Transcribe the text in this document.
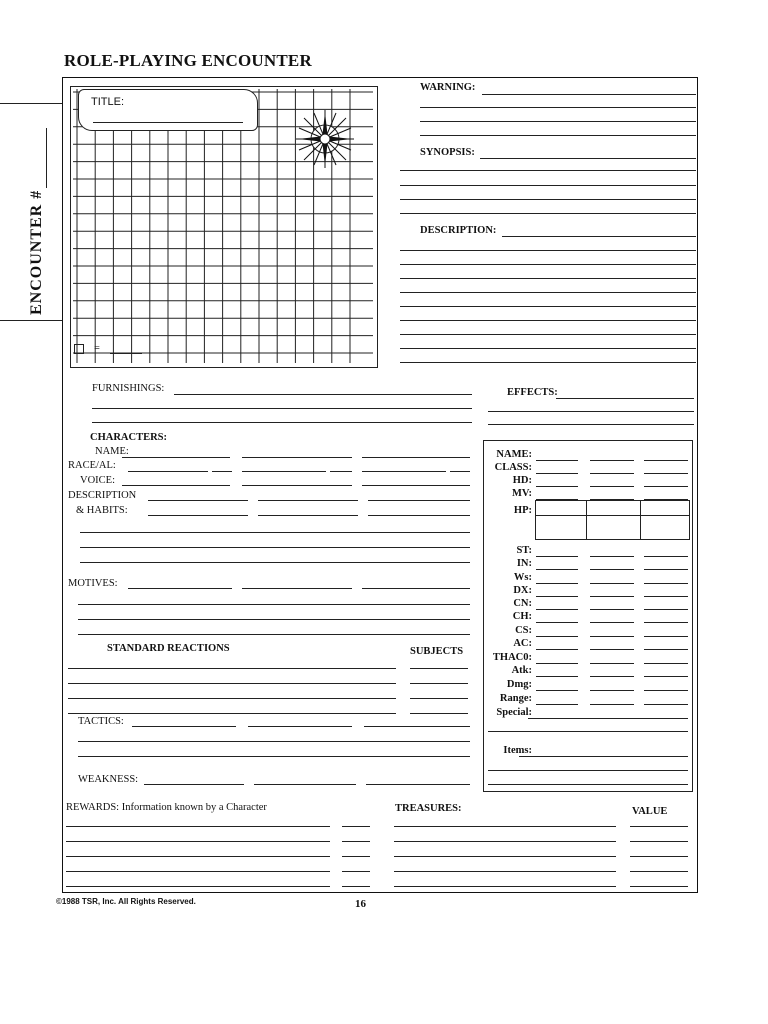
ROLE-PLAYING ENCOUNTER
ENCOUNTER #
TITLE:
=
WARNING:
SYNOPSIS:
DESCRIPTION:
FURNISHINGS:	EFFECTS:
CHARACTERS:
NAME:
RACE/AL:
VOICE:
DESCRIPTION
& HABITS:
MOTIVES:
STANDARD REACTIONS	SUBJECTS
TACTICS:
WEAKNESS:
REWARDS: Information known by a Character	TREASURES:	VALUE
NAME:
CLASS:
HD:
MV:
HP:
ST:
IN:
Ws:
DX:
CN:
CH:
CS:
AC:
THAC0:
Atk:
Dmg:
Range:
Special:
Items:
©1988 TSR, Inc. All Rights Reserved.	16
